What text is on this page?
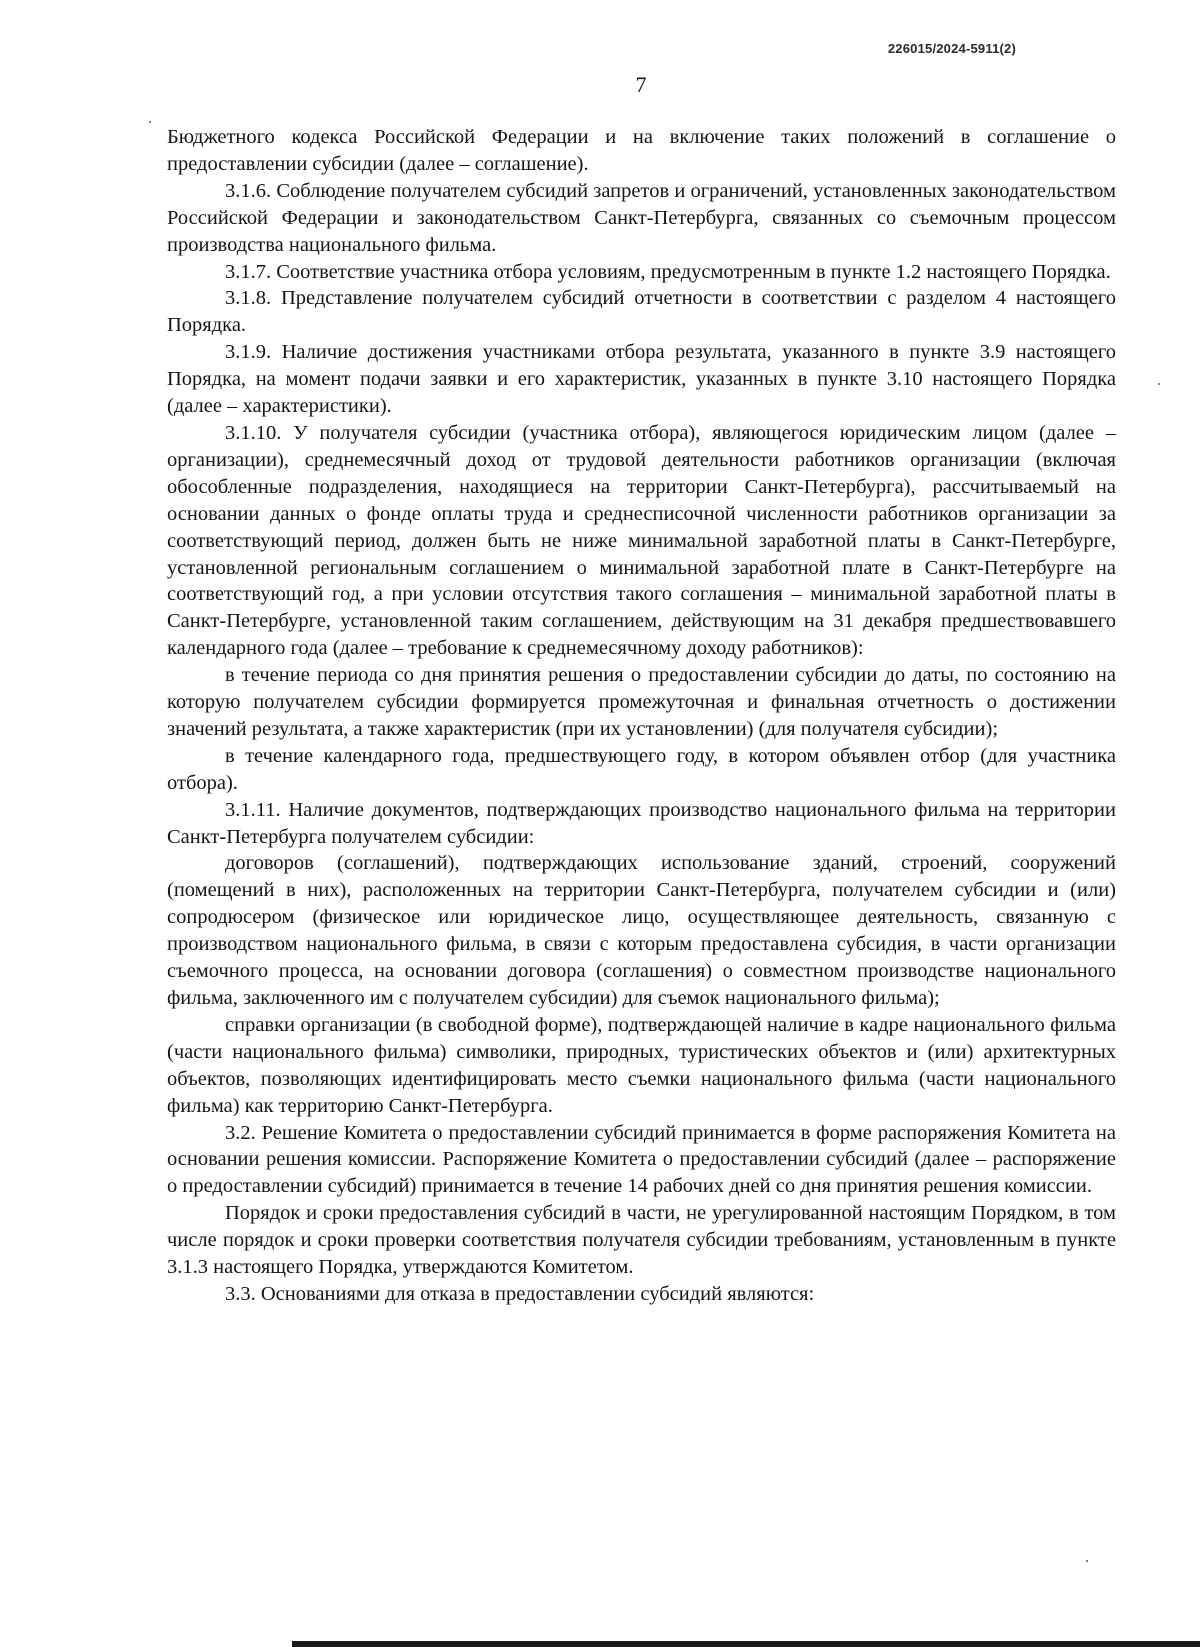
226015/2024-5911(2)
7

Бюджетного кодекса Российской Федерации и на включение таких положений в соглашение о предоставлении субсидии (далее – соглашение).

3.1.6. Соблюдение получателем субсидий запретов и ограничений, установленных законодательством Российской Федерации и законодательством Санкт-Петербурга, связанных со съемочным процессом производства национального фильма.

3.1.7. Соответствие участника отбора условиям, предусмотренным в пункте 1.2 настоящего Порядка.

3.1.8. Представление получателем субсидий отчетности в соответствии с разделом 4 настоящего Порядка.

3.1.9. Наличие достижения участниками отбора результата, указанного в пункте 3.9 настоящего Порядка, на момент подачи заявки и его характеристик, указанных в пункте 3.10 настоящего Порядка (далее – характеристики).

3.1.10. У получателя субсидии (участника отбора), являющегося юридическим лицом (далее – организации), среднемесячный доход от трудовой деятельности работников организации (включая обособленные подразделения, находящиеся на территории Санкт-Петербурга), рассчитываемый на основании данных о фонде оплаты труда и среднесписочной численности работников организации за соответствующий период, должен быть не ниже минимальной заработной платы в Санкт-Петербурге, установленной региональным соглашением о минимальной заработной плате в Санкт-Петербурге на соответствующий год, а при условии отсутствия такого соглашения – минимальной заработной платы в Санкт-Петербурге, установленной таким соглашением, действующим на 31 декабря предшествовавшего календарного года (далее – требование к среднемесячному доходу работников):

в течение периода со дня принятия решения о предоставлении субсидии до даты, по состоянию на которую получателем субсидии формируется промежуточная и финальная отчетность о достижении значений результата, а также характеристик (при их установлении) (для получателя субсидии);

в течение календарного года, предшествующего году, в котором объявлен отбор (для участника отбора).

3.1.11. Наличие документов, подтверждающих производство национального фильма на территории Санкт-Петербурга получателем субсидии:

договоров (соглашений), подтверждающих использование зданий, строений, сооружений (помещений в них), расположенных на территории Санкт-Петербурга, получателем субсидии и (или) сопродюсером (физическое или юридическое лицо, осуществляющее деятельность, связанную с производством национального фильма, в связи с которым предоставлена субсидия, в части организации съемочного процесса, на основании договора (соглашения) о совместном производстве национального фильма, заключенного им с получателем субсидии) для съемок национального фильма);

справки организации (в свободной форме), подтверждающей наличие в кадре национального фильма (части национального фильма) символики, природных, туристических объектов и (или) архитектурных объектов, позволяющих идентифицировать место съемки национального фильма (части национального фильма) как территорию Санкт-Петербурга.

3.2. Решение Комитета о предоставлении субсидий принимается в форме распоряжения Комитета на основании решения комиссии. Распоряжение Комитета о предоставлении субсидий (далее – распоряжение о предоставлении субсидий) принимается в течение 14 рабочих дней со дня принятия решения комиссии.

Порядок и сроки предоставления субсидий в части, не урегулированной настоящим Порядком, в том числе порядок и сроки проверки соответствия получателя субсидии требованиям, установленным в пункте 3.1.3 настоящего Порядка, утверждаются Комитетом.

3.3. Основаниями для отказа в предоставлении субсидий являются:
